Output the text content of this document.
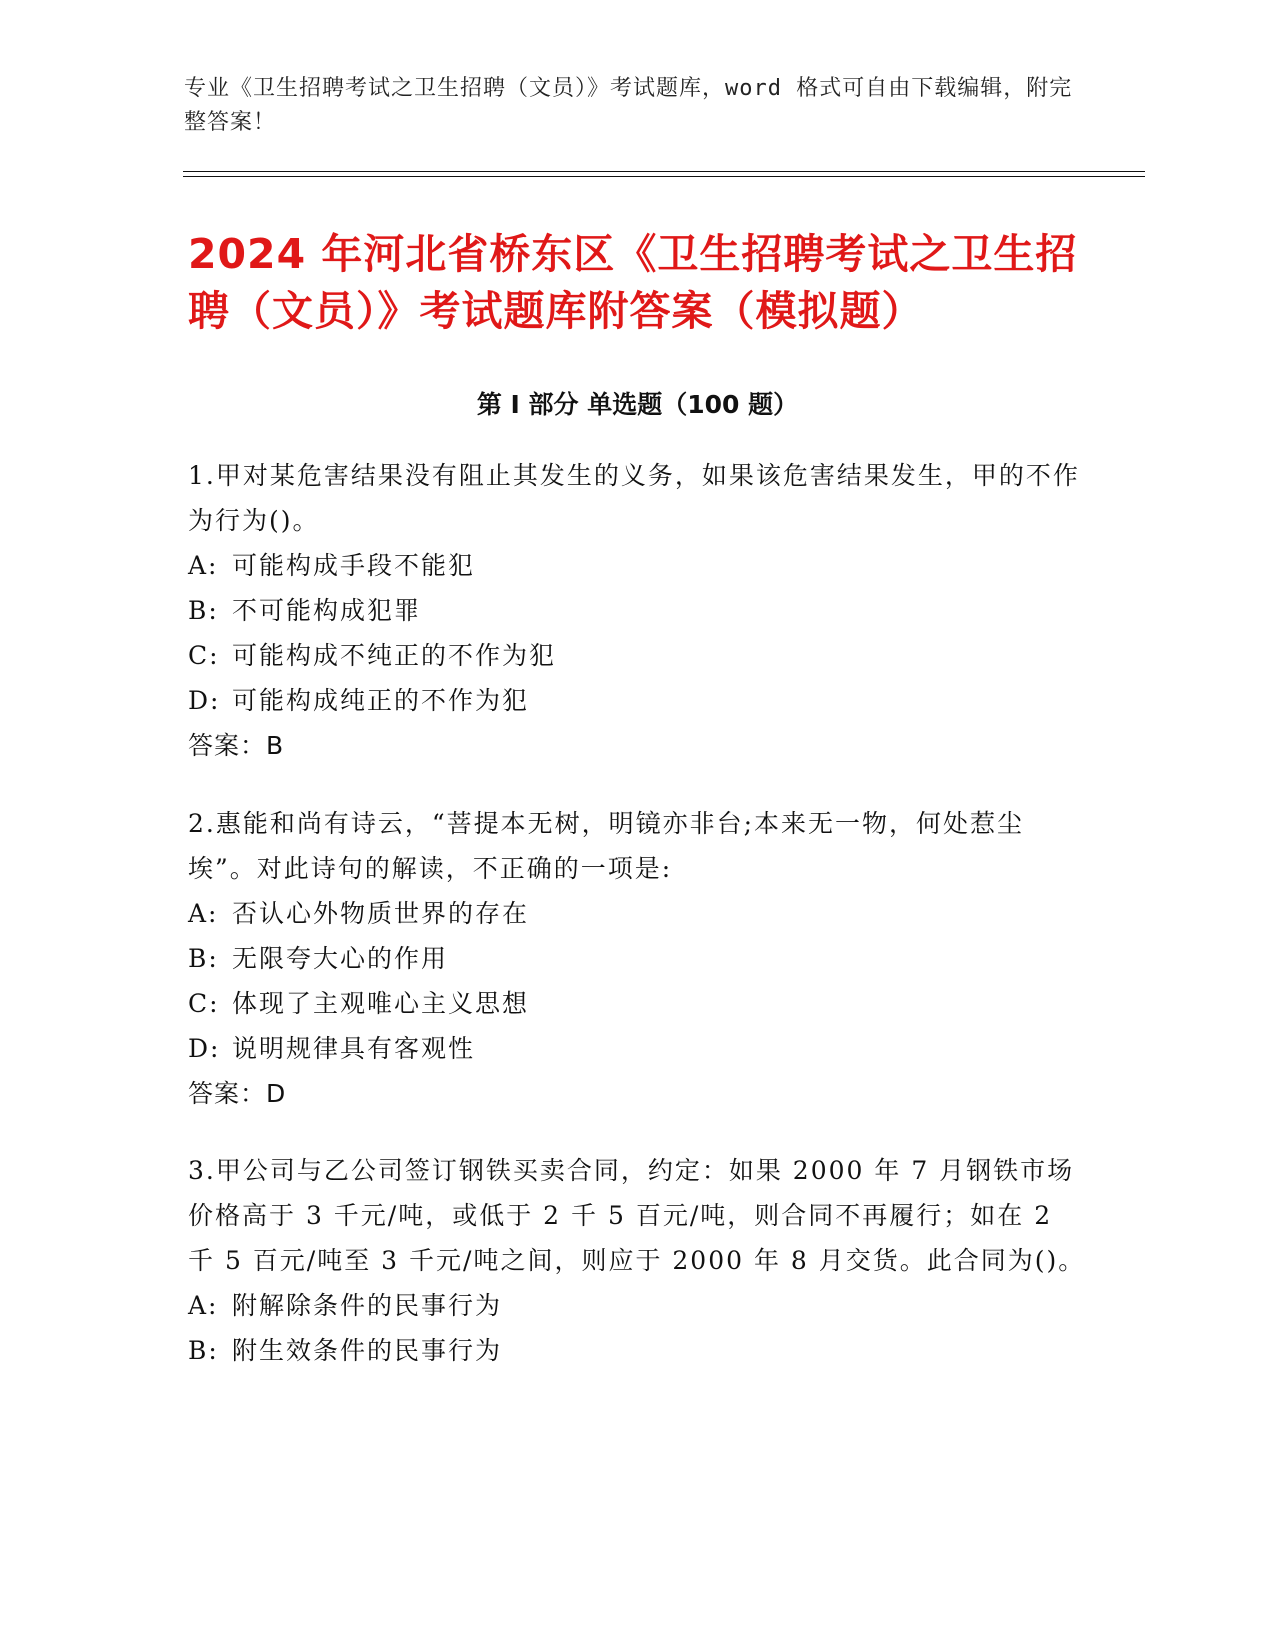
专业《卫生招聘考试之卫生招聘（文员）》考试题库，word 格式可自由下载编辑，附完整答案！
2024 年河北省桥东区《卫生招聘考试之卫生招聘（文员）》考试题库附答案（模拟题）
第 I 部分 单选题（100 题）

1.甲对某危害结果没有阻止其发生的义务，如果该危害结果发生，甲的不作为行为()。

A: 可能构成手段不能犯

B: 不可能构成犯罪

C: 可能构成不纯正的不作为犯

D: 可能构成纯正的不作为犯

答案：B

2.惠能和尚有诗云，“菩提本无树，明镜亦非台;本来无一物，何处惹尘埃”。对此诗句的解读，不正确的一项是:

A: 否认心外物质世界的存在

B: 无限夸大心的作用

C: 体现了主观唯心主义思想

D: 说明规律具有客观性

答案：D

3.甲公司与乙公司签订钢铁买卖合同，约定：如果 2000 年 7 月钢铁市场价格高于 3 千元/吨，或低于 2 千 5 百元/吨，则合同不再履行；如在 2 千 5 百元/吨至 3 千元/吨之间，则应于 2000 年 8 月交货。此合同为()。

A: 附解除条件的民事行为

B: 附生效条件的民事行为
